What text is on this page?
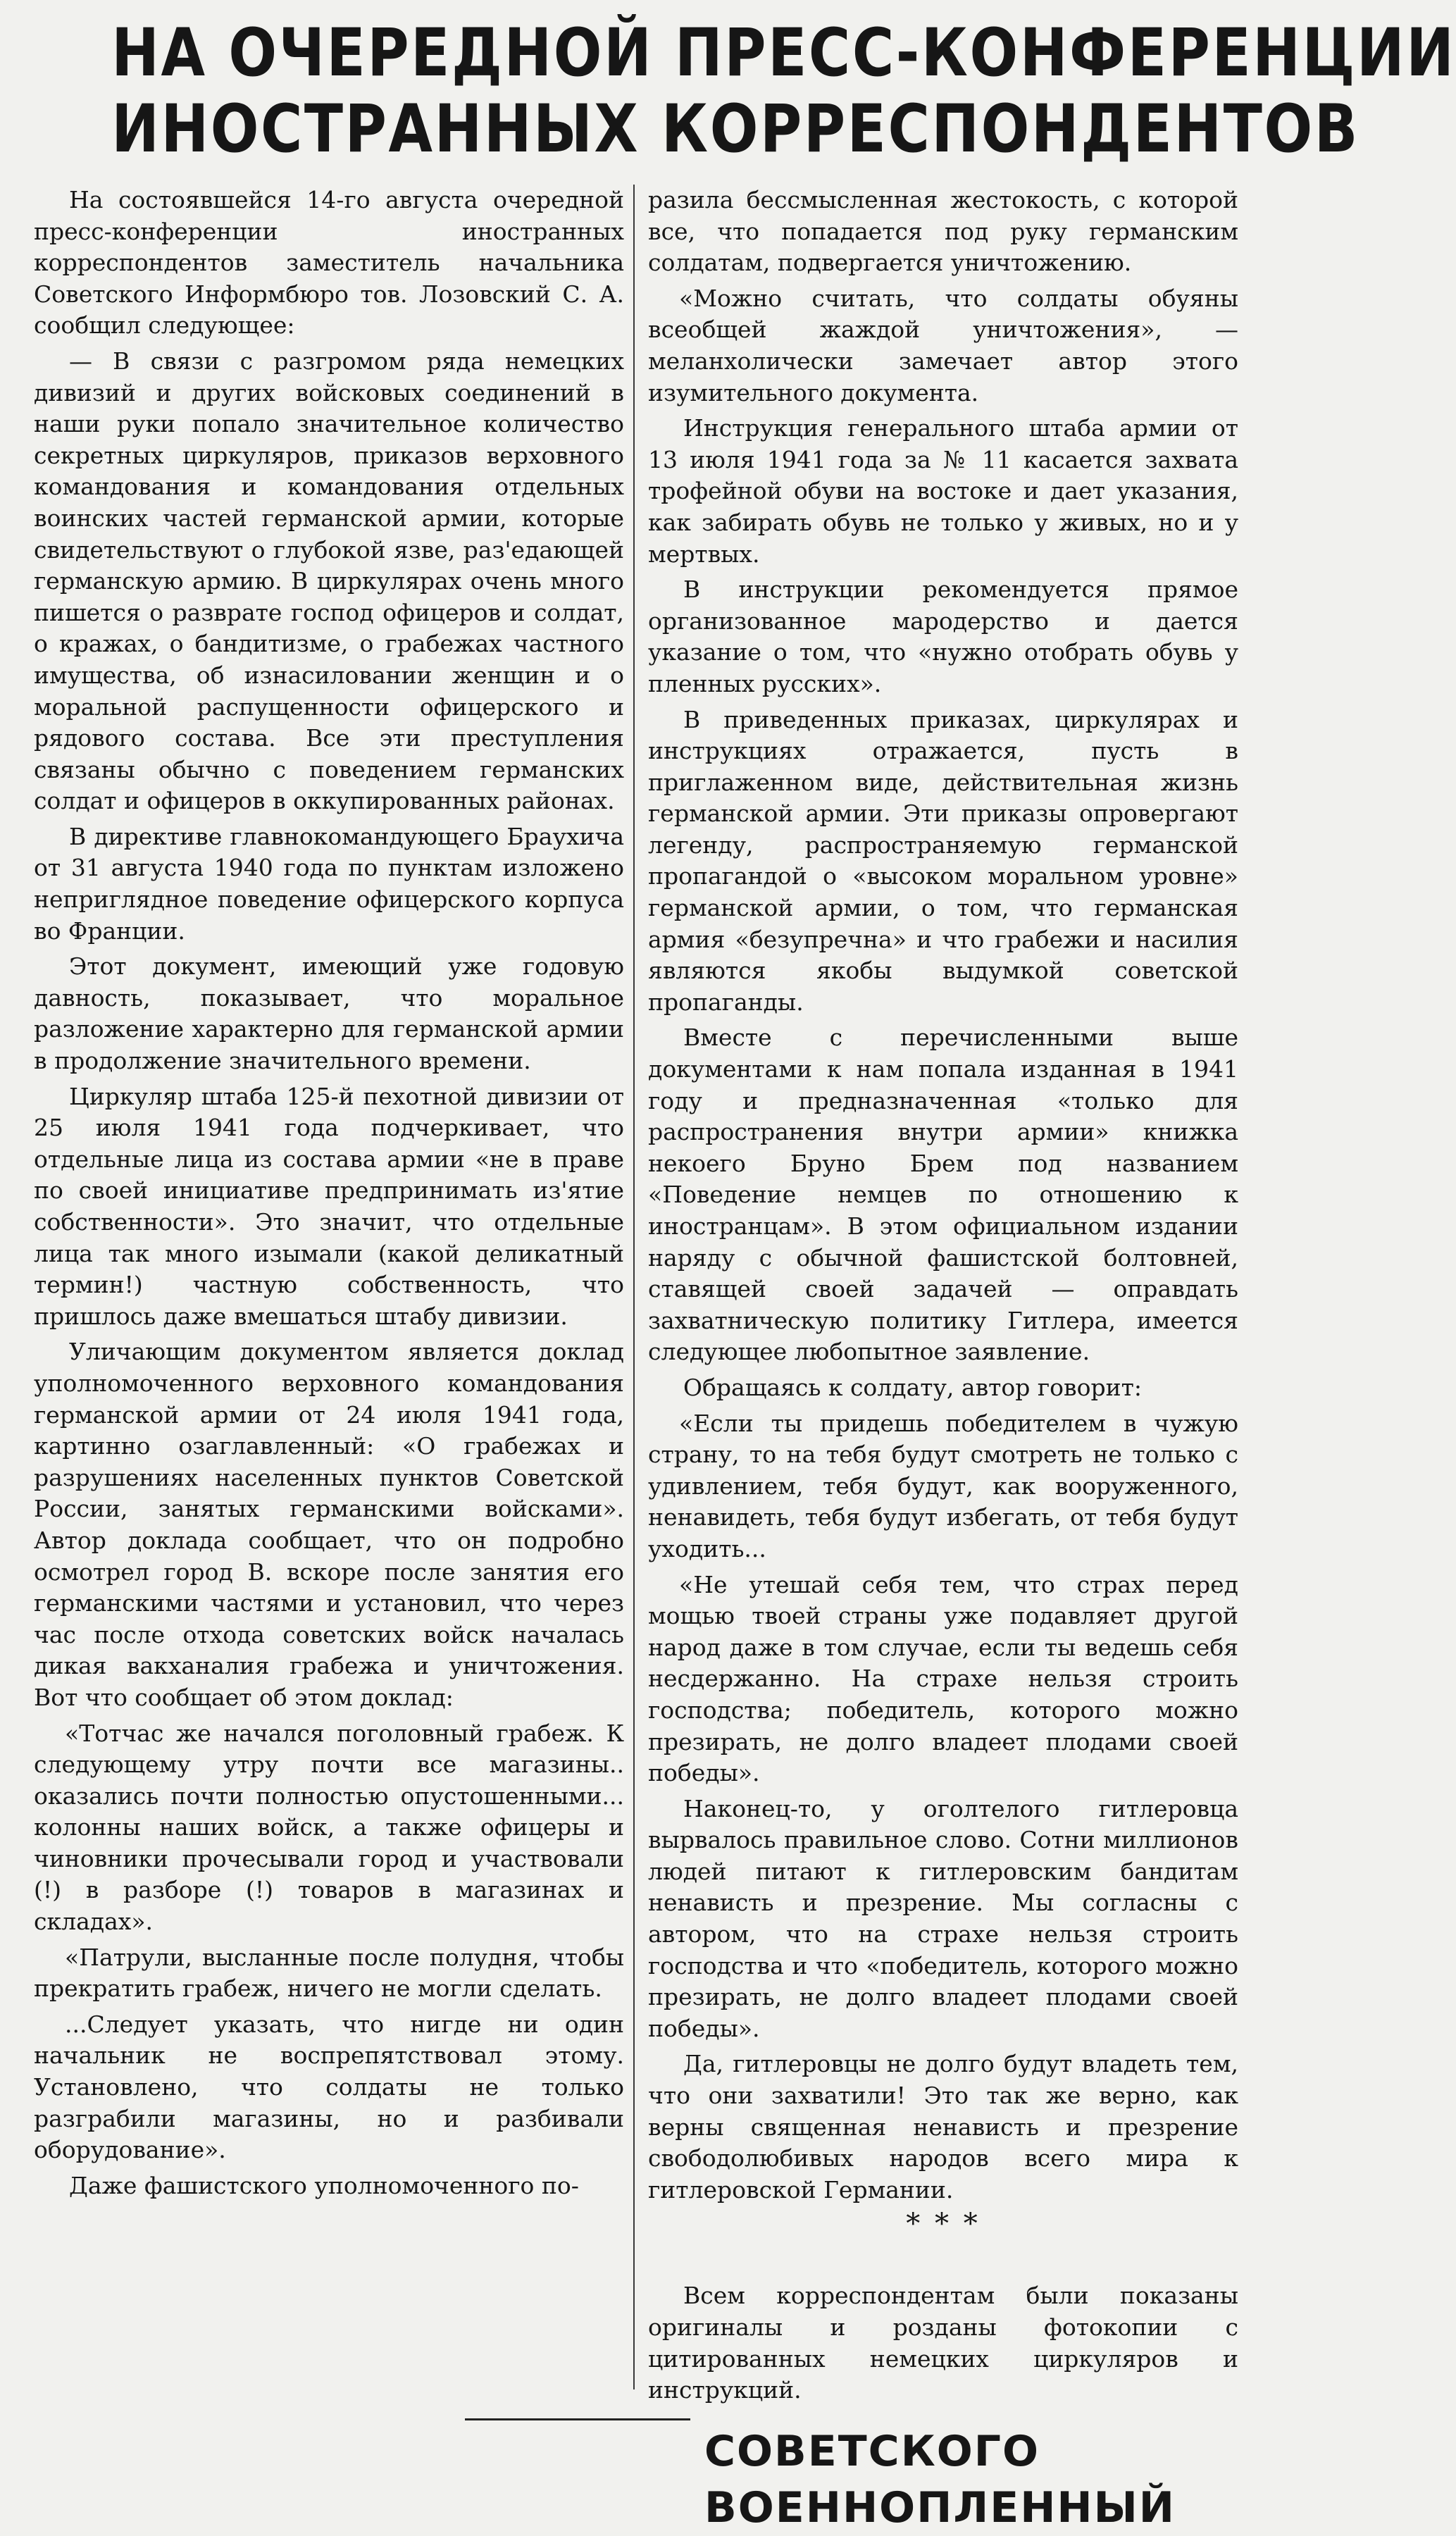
НА ОЧЕРЕДНОЙ ПРЕСС-КОНФЕРЕНЦИИ
ИНОСТРАННЫХ КОРРЕСПОНДЕНТОВ

На состоявшейся 14-го августа очередной пресс-конференции иностранных корреспондентов заместитель начальника Советского Информбюро тов. Лозовский С. А. сообщил следующее:

— В связи с разгромом ряда немецких дивизий и других войсковых соединений в наши руки попало значительное количество секретных циркуляров, приказов верховного командования и командования отдельных воинских частей германской армии, которые свидетельствуют о глубокой язве, раз'едающей германскую армию. В циркулярах очень много пишется о разврате господ офицеров и солдат, о кражах, о бандитизме, о грабежах частного имущества, об изнасиловании женщин и о моральной распущенности офицерского и рядового состава. Все эти преступления связаны обычно с поведением германских солдат и офицеров в оккупированных районах.

В директиве главнокомандующего Браухича от 31 августа 1940 года по пунктам изложено неприглядное поведение офицерского корпуса во Франции.

Этот документ, имеющий уже годовую давность, показывает, что моральное разложение характерно для германской армии в продолжение значительного времени.

Циркуляр штаба 125-й пехотной дивизии от 25 июля 1941 года подчеркивает, что отдельные лица из состава армии «не в праве по своей инициативе предпринимать из'ятие собственности». Это значит, что отдельные лица так много изымали (какой деликатный термин!) частную собственность, что пришлось даже вмешаться штабу дивизии.

Уличающим документом является доклад уполномоченного верховного командования германской армии от 24 июля 1941 года, картинно озаглавленный: «О грабежах и разрушениях населенных пунктов Советской России, занятых германскими войсками». Автор доклада сообщает, что он подробно осмотрел город В. вскоре после занятия его германскими частями и установил, что через час после отхода советских войск началась дикая вакханалия грабежа и уничтожения. Вот что сообщает об этом доклад:

«Тотчас же начался поголовный грабеж. К следующему утру почти все магазины.. оказались почти полностью опустошенными... колонны наших войск, а также офицеры и чиновники прочесывали город и участвовали (!) в разборе (!) товаров в магазинах и складах».

«Патрули, высланные после полудня, чтобы прекратить грабеж, ничего не могли сделать.

...Следует указать, что нигде ни один начальник не воспрепятствовал этому. Установлено, что солдаты не только разграбили магазины, но и разбивали оборудование».

Даже фашистского уполномоченного по-

разила бессмысленная жестокость, с которой все, что попадается под руку германским солдатам, подвергается уничтожению.

«Можно считать, что солдаты обуяны всеобщей жаждой уничтожения», — меланхолически замечает автор этого изумительного документа.

Инструкция генерального штаба армии от 13 июля 1941 года за № 11 касается захвата трофейной обуви на востоке и дает указания, как забирать обувь не только у живых, но и у мертвых.

В инструкции рекомендуется прямое организованное мародерство и дается указание о том, что «нужно отобрать обувь у пленных русских».

В приведенных приказах, циркулярах и инструкциях отражается, пусть в приглаженном виде, действительная жизнь германской армии. Эти приказы опровергают легенду, распространяемую германской пропагандой о «высоком моральном уровне» германской армии, о том, что германская армия «безупречна» и что грабежи и насилия являются якобы выдумкой советской пропаганды.

Вместе с перечисленными выше документами к нам попала изданная в 1941 году и предназначенная «только для распространения внутри армии» книжка некоего Бруно Брем под названием «Поведение немцев по отношению к иностранцам». В этом официальном издании наряду с обычной фашистской болтовней, ставящей своей задачей — оправдать захватническую политику Гитлера, имеется следующее любопытное заявление.

Обращаясь к солдату, автор говорит:

«Если ты придешь победителем в чужую страну, то на тебя будут смотреть не только с удивлением, тебя будут, как вооруженного, ненавидеть, тебя будут избегать, от тебя будут уходить...

«Не утешай себя тем, что страх перед мощью твоей страны уже подавляет другой народ даже в том случае, если ты ведешь себя несдержанно. На страхе нельзя строить господства; победитель, которого можно презирать, не долго владеет плодами своей победы».

Наконец-то, у оголтелого гитлеровца вырвалось правильное слово. Сотни миллионов людей питают к гитлеровским бандитам ненависть и презрение. Мы согласны с автором, что на страхе нельзя строить господства и что «победитель, которого можно презирать, не долго владеет плодами своей победы».

Да, гитлеровцы не долго будут владеть тем, что они захватили! Это так же верно, как верны священная ненависть и презрение свободолюбивых народов всего мира к гитлеровской Германии.

* * *

Всем корреспондентам были показаны оригиналы и розданы фотокопии с цитированных немецких циркуляров и инструкций.

СОВЕТСКОГО ВОЕННОПЛЕННЫЙ
